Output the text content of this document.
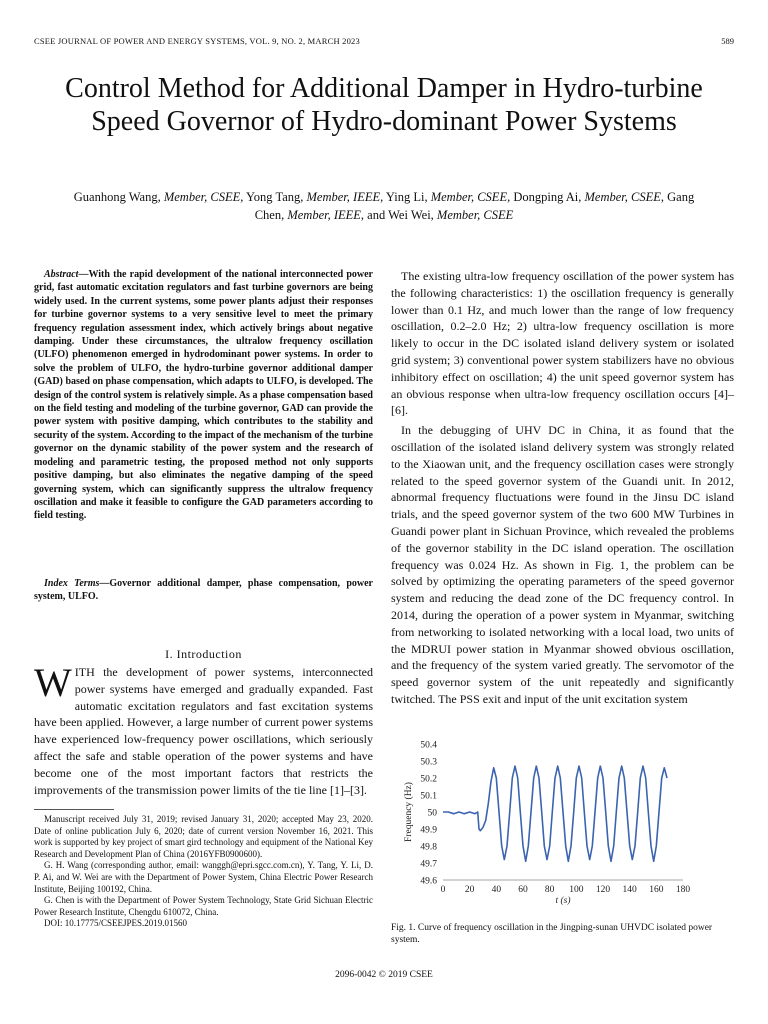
CSEE JOURNAL OF POWER AND ENERGY SYSTEMS, VOL. 9, NO. 2, MARCH 2023	589
Control Method for Additional Damper in Hydro-turbine Speed Governor of Hydro-dominant Power Systems
Guanhong Wang, Member, CSEE, Yong Tang, Member, IEEE, Ying Li, Member, CSEE, Dongping Ai, Member, CSEE, Gang Chen, Member, IEEE, and Wei Wei, Member, CSEE
Abstract—With the rapid development of the national interconnected power grid, fast automatic excitation regulators and fast turbine governors are being widely used. In the current systems, some power plants adjust their responses for turbine governor systems to a very sensitive level to meet the primary frequency regulation assessment index, which actively brings about negative damping. Under these circumstances, the ultralow frequency oscillation (ULFO) phenomenon emerged in hydrodominant power systems. In order to solve the problem of ULFO, the hydro-turbine governor additional damper (GAD) based on phase compensation, which adapts to ULFO, is developed. The design of the control system is relatively simple. As a phase compensation based on the field testing and modeling of the turbine governor, GAD can provide the power system with positive damping, which contributes to the stability and security of the system. According to the impact of the mechanism of the turbine governor on the dynamic stability of the power system and the research of modeling and parametric testing, the proposed method not only supports positive damping, but also eliminates the negative damping of the speed governing system, which can significantly suppress the ultralow frequency oscillation and make it feasible to configure the GAD parameters according to field testing.
Index Terms—Governor additional damper, phase compensation, power system, ULFO.
I. Introduction
WITH the development of power systems, interconnected power systems have emerged and gradually expanded. Fast automatic excitation regulators and fast excitation systems have been applied. However, a large number of current power systems have experienced low-frequency power oscillations, which seriously affect the safe and stable operation of the power systems and have become one of the most important factors that restricts the improvements of the transmission power limits of the tie line [1]–[3].

Manuscript received July 31, 2019; revised January 31, 2020; accepted May 23, 2020. Date of online publication July 6, 2020; date of current version November 16, 2021. This work is supported by key project of smart gird technology and equipment of the National Key Research and Development Plan of China (2016YFB0900600).

G. H. Wang (corresponding author, email: wanggh@epri.sgcc.com.cn), Y. Tang, Y. Li, D. P. Ai, and W. Wei are with the Department of Power System, China Electric Power Research Institute, Beijing 100192, China.

G. Chen is with the Department of Power System Technology, State Grid Sichuan Electric Power Research Institute, Chengdu 610072, China.

DOI: 10.17775/CSEEJPES.2019.01560

The existing ultra-low frequency oscillation of the power system has the following characteristics: 1) the oscillation frequency is generally lower than 0.1 Hz, and much lower than the range of low frequency oscillation, 0.2–2.0 Hz; 2) ultra-low frequency oscillation is more likely to occur in the DC isolated island delivery system or isolated grid system; 3) conventional power system stabilizers have no obvious inhibitory effect on oscillation; 4) the unit speed governor system has an obvious response when ultra-low frequency oscillation occurs [4]–[6].

In the debugging of UHV DC in China, it as found that the oscillation of the isolated island delivery system was strongly related to the Xiaowan unit, and the frequency oscillation cases were strongly related to the speed governor system of the Guandi unit. In 2012, abnormal frequency fluctuations were found in the Jinsu DC island trials, and the speed governor system of the two 600 MW Turbines in Guandi power plant in Sichuan Province, which revealed the problems of the governor stability in the DC island operation. The oscillation frequency was 0.024 Hz. As shown in Fig. 1, the problem can be solved by optimizing the operating parameters of the speed governor system and reducing the dead zone of the DC frequency control. In 2014, during the operation of a power system in Myanmar, switching from networking to isolated networking with a local load, two units of the MDRUI power station in Myanmar showed obvious oscillation, and the frequency of the system varied greatly. The servomotor of the speed governor system of the unit repeatedly and significantly twitched. The PSS exit and input of the unit excitation system

49.6
49.7
49.8
49.9
50
50.1
50.2
50.3
50.4
0 20 40 60 80 100 120 140 160 180
t (s)
Frequency (Hz)
Fig. 1. Curve of frequency oscillation in the Jingping-sunan UHVDC isolated power system.
2096-0042 © 2019 CSEE
